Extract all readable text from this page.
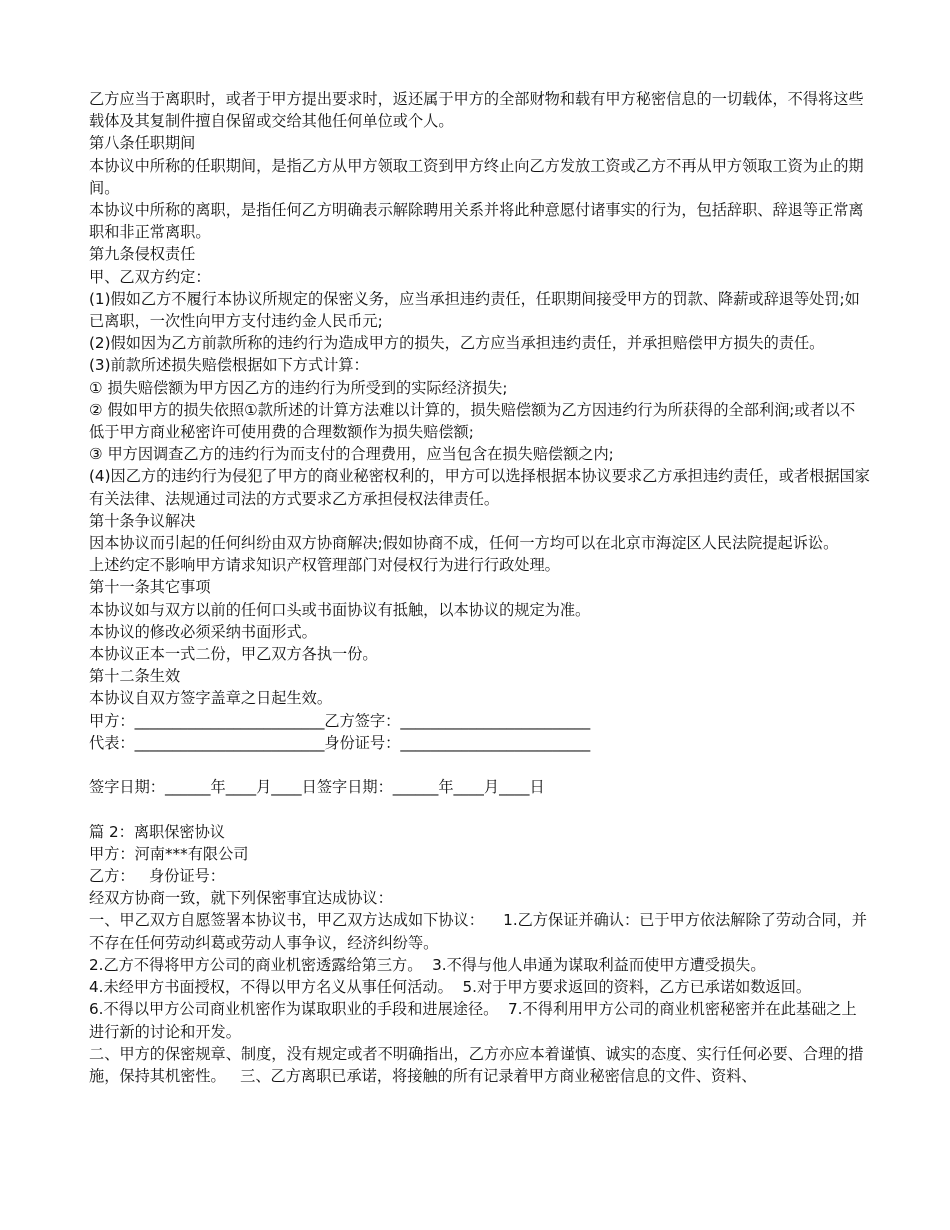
乙方应当于离职时，或者于甲方提出要求时，返还属于甲方的全部财物和载有甲方秘密信息的一切载体，不得将这些载体及其复制件擅自保留或交给其他任何单位或个人。

第八条任职期间

本协议中所称的任职期间，是指乙方从甲方领取工资到甲方终止向乙方发放工资或乙方不再从甲方领取工资为止的期间。

本协议中所称的离职，是指任何乙方明确表示解除聘用关系并将此种意愿付诸事实的行为，包括辞职、辞退等正常离职和非正常离职。

第九条侵权责任

甲、乙双方约定：

(1)假如乙方不履行本协议所规定的保密义务，应当承担违约责任，任职期间接受甲方的罚款、降薪或辞退等处罚;如已离职，一次性向甲方支付违约金人民币元;

(2)假如因为乙方前款所称的违约行为造成甲方的损失，乙方应当承担违约责任，并承担赔偿甲方损失的责任。

(3)前款所述损失赔偿根据如下方式计算：

① 损失赔偿额为甲方因乙方的违约行为所受到的实际经济损失;

② 假如甲方的损失依照①款所述的计算方法难以计算的，损失赔偿额为乙方因违约行为所获得的全部利润;或者以不低于甲方商业秘密许可使用费的合理数额作为损失赔偿额;

③ 甲方因调查乙方的违约行为而支付的合理费用，应当包含在损失赔偿额之内;

(4)因乙方的违约行为侵犯了甲方的商业秘密权利的，甲方可以选择根据本协议要求乙方承担违约责任，或者根据国家有关法律、法规通过司法的方式要求乙方承担侵权法律责任。

第十条争议解决

因本协议而引起的任何纠纷由双方协商解决;假如协商不成，任何一方均可以在北京市海淀区人民法院提起诉讼。

上述约定不影响甲方请求知识产权管理部门对侵权行为进行行政处理。

第十一条其它事项

本协议如与双方以前的任何口头或书面协议有抵触，以本协议的规定为准。

本协议的修改必须采纳书面形式。

本协议正本一式二份，甲乙双方各执一份。

第十二条生效

本协议自双方签字盖章之日起生效。

甲方：_________________________乙方签字：_________________________

代表：_________________________身份证号：_________________________

签字日期：______年____月____日签字日期：______年____月____日

篇 2：离职保密协议

甲方：河南***有限公司

乙方：   身份证号：

经双方协商一致，就下列保密事宜达成协议：

一、甲乙双方自愿签署本协议书，甲乙双方达成如下协议：    1.乙方保证并确认：已于甲方依法解除了劳动合同，并不存在任何劳动纠葛或劳动人事争议，经济纠纷等。

2.乙方不得将甲方公司的商业机密透露给第三方。  3.不得与他人串通为谋取利益而使甲方遭受损失。

4.未经甲方书面授权，不得以甲方名义从事任何活动。  5.对于甲方要求返回的资料，乙方已承诺如数返回。

6.不得以甲方公司商业机密作为谋取职业的手段和进展途径。  7.不得利用甲方公司的商业机密秘密并在此基础之上进行新的讨论和开发。

二、甲方的保密规章、制度，没有规定或者不明确指出，乙方亦应本着谨慎、诚实的态度、实行任何必要、合理的措施，保持其机密性。   三、乙方离职已承诺，将接触的所有记录着甲方商业秘密信息的文件、资料、
